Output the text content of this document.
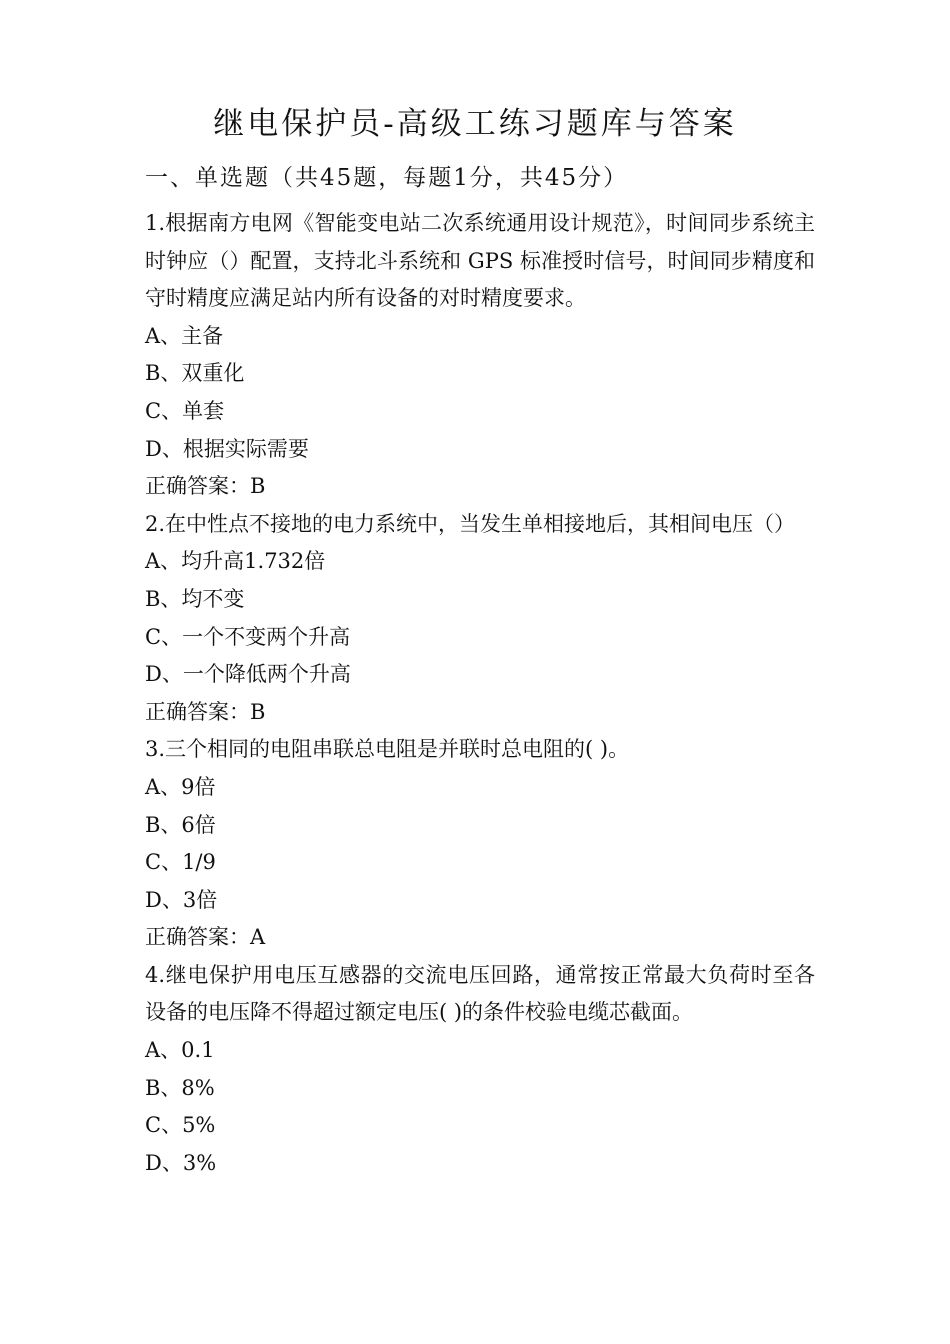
继电保护员-高级工练习题库与答案
一、单选题（共45题，每题1分，共45分）

1.根据南方电网《智能变电站二次系统通用设计规范》，时间同步系统主时钟应（）配置，支持北斗系统和 GPS 标准授时信号，时间同步精度和守时精度应满足站内所有设备的对时精度要求。

A、主备

B、双重化

C、单套

D、根据实际需要

正确答案：B

2.在中性点不接地的电力系统中，当发生单相接地后，其相间电压（）

A、均升高1.732倍

B、均不变

C、一个不变两个升高

D、一个降低两个升高

正确答案：B

3.三个相同的电阻串联总电阻是并联时总电阻的( )。

A、9倍

B、6倍

C、1/9

D、3倍

正确答案：A

4.继电保护用电压互感器的交流电压回路，通常按正常最大负荷时至各设备的电压降不得超过额定电压( )的条件校验电缆芯截面。

A、0.1

B、8%

C、5%

D、3%
